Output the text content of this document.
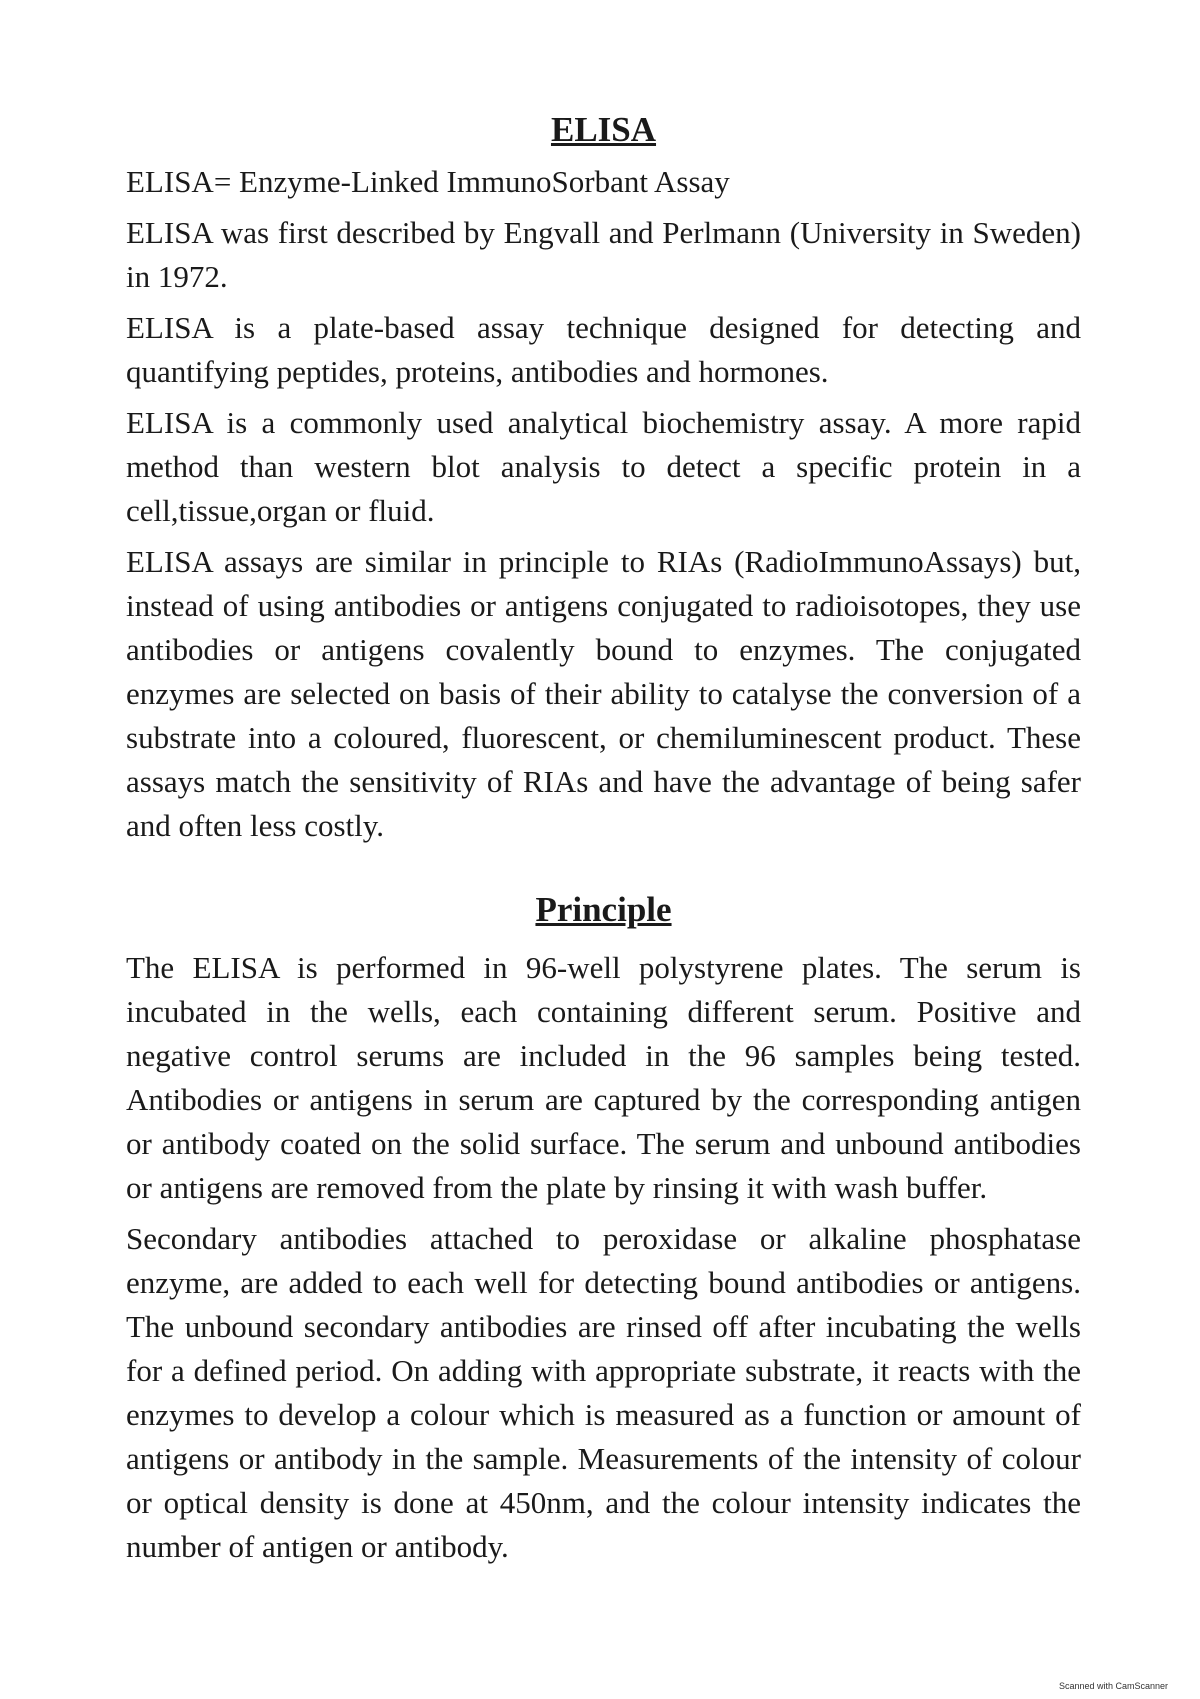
ELISA

ELISA= Enzyme-Linked ImmunoSorbant Assay

ELISA was first described by Engvall and Perlmann (University in Sweden) in 1972.

ELISA is a plate-based assay technique designed for detecting and quantifying peptides, proteins, antibodies and hormones.

ELISA is a commonly used analytical biochemistry assay. A more rapid method than western blot analysis to detect a specific protein in a cell,tissue,organ or fluid.

ELISA assays are similar in principle to RIAs (RadioImmunoAssays) but, instead of using antibodies or antigens conjugated to radioisotopes, they use antibodies or antigens covalently bound to enzymes. The conjugated enzymes are selected on basis of their ability to catalyse the conversion of a substrate into a coloured, fluorescent, or chemiluminescent product. These assays match the sensitivity of RIAs and have the advantage of being safer and often less costly.

Principle

The ELISA is performed in 96-well polystyrene plates. The serum is incubated in the wells, each containing different serum. Positive and negative control serums are included in the 96 samples being tested. Antibodies or antigens in serum are captured by the corresponding antigen or antibody coated on the solid surface. The serum and unbound antibodies or antigens are removed from the plate by rinsing it with wash buffer.

Secondary antibodies attached to peroxidase or alkaline phosphatase enzyme, are added to each well for detecting bound antibodies or antigens. The unbound secondary antibodies are rinsed off after incubating the wells for a defined period. On adding with appropriate substrate, it reacts with the enzymes to develop a colour which is measured as a function or amount of antigens or antibody in the sample. Measurements of the intensity of colour or optical density is done at 450nm, and the colour intensity indicates the number of antigen or antibody.

Scanned with CamScanner
